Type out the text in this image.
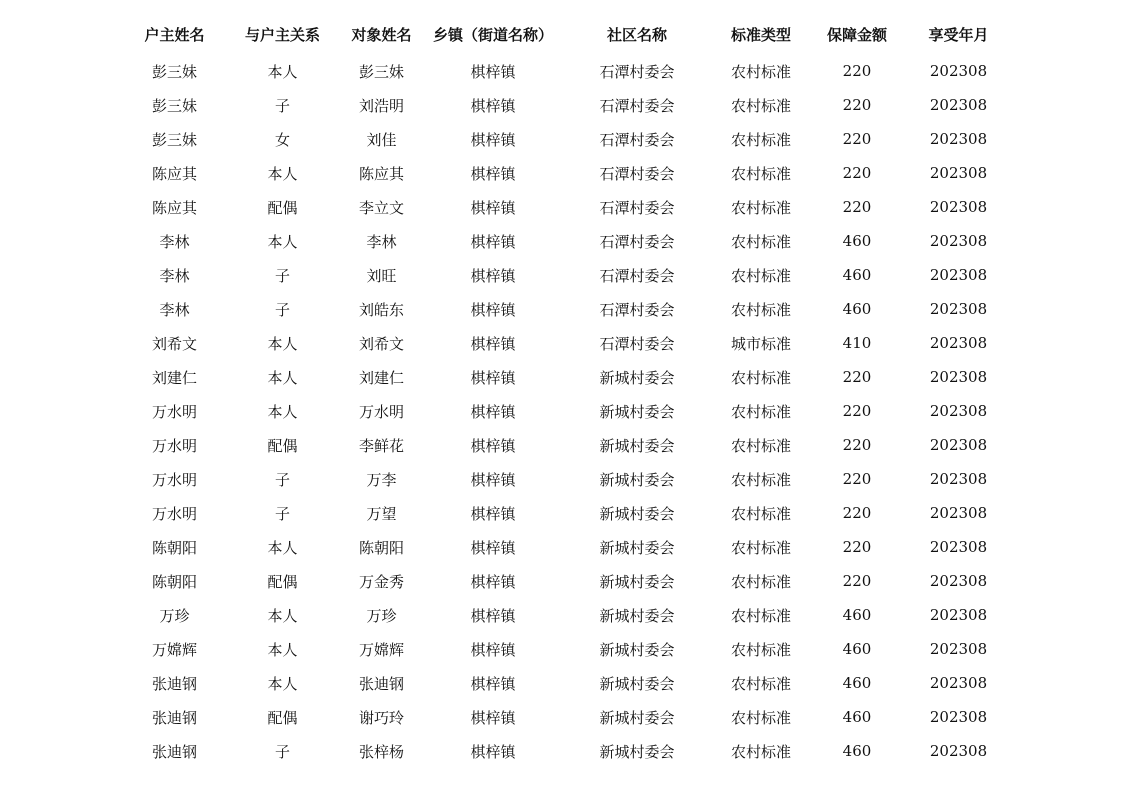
户主姓名	与户主关系	对象姓名	乡镇（街道名称）	社区名称	标准类型	保障金额	享受年月
彭三妹	本人	彭三妹	棋梓镇	石潭村委会	农村标准	220	202308
彭三妹	子	刘浩明	棋梓镇	石潭村委会	农村标准	220	202308
彭三妹	女	刘佳	棋梓镇	石潭村委会	农村标准	220	202308
陈应其	本人	陈应其	棋梓镇	石潭村委会	农村标准	220	202308
陈应其	配偶	李立文	棋梓镇	石潭村委会	农村标准	220	202308
李林	本人	李林	棋梓镇	石潭村委会	农村标准	460	202308
李林	子	刘旺	棋梓镇	石潭村委会	农村标准	460	202308
李林	子	刘皓东	棋梓镇	石潭村委会	农村标准	460	202308
刘希文	本人	刘希文	棋梓镇	石潭村委会	城市标准	410	202308
刘建仁	本人	刘建仁	棋梓镇	新城村委会	农村标准	220	202308
万水明	本人	万水明	棋梓镇	新城村委会	农村标准	220	202308
万水明	配偶	李鲜花	棋梓镇	新城村委会	农村标准	220	202308
万水明	子	万李	棋梓镇	新城村委会	农村标准	220	202308
万水明	子	万望	棋梓镇	新城村委会	农村标准	220	202308
陈朝阳	本人	陈朝阳	棋梓镇	新城村委会	农村标准	220	202308
陈朝阳	配偶	万金秀	棋梓镇	新城村委会	农村标准	220	202308
万珍	本人	万珍	棋梓镇	新城村委会	农村标准	460	202308
万嫦辉	本人	万嫦辉	棋梓镇	新城村委会	农村标准	460	202308
张迪钢	本人	张迪钢	棋梓镇	新城村委会	农村标准	460	202308
张迪钢	配偶	谢巧玲	棋梓镇	新城村委会	农村标准	460	202308
张迪钢	子	张梓杨	棋梓镇	新城村委会	农村标准	460	202308
